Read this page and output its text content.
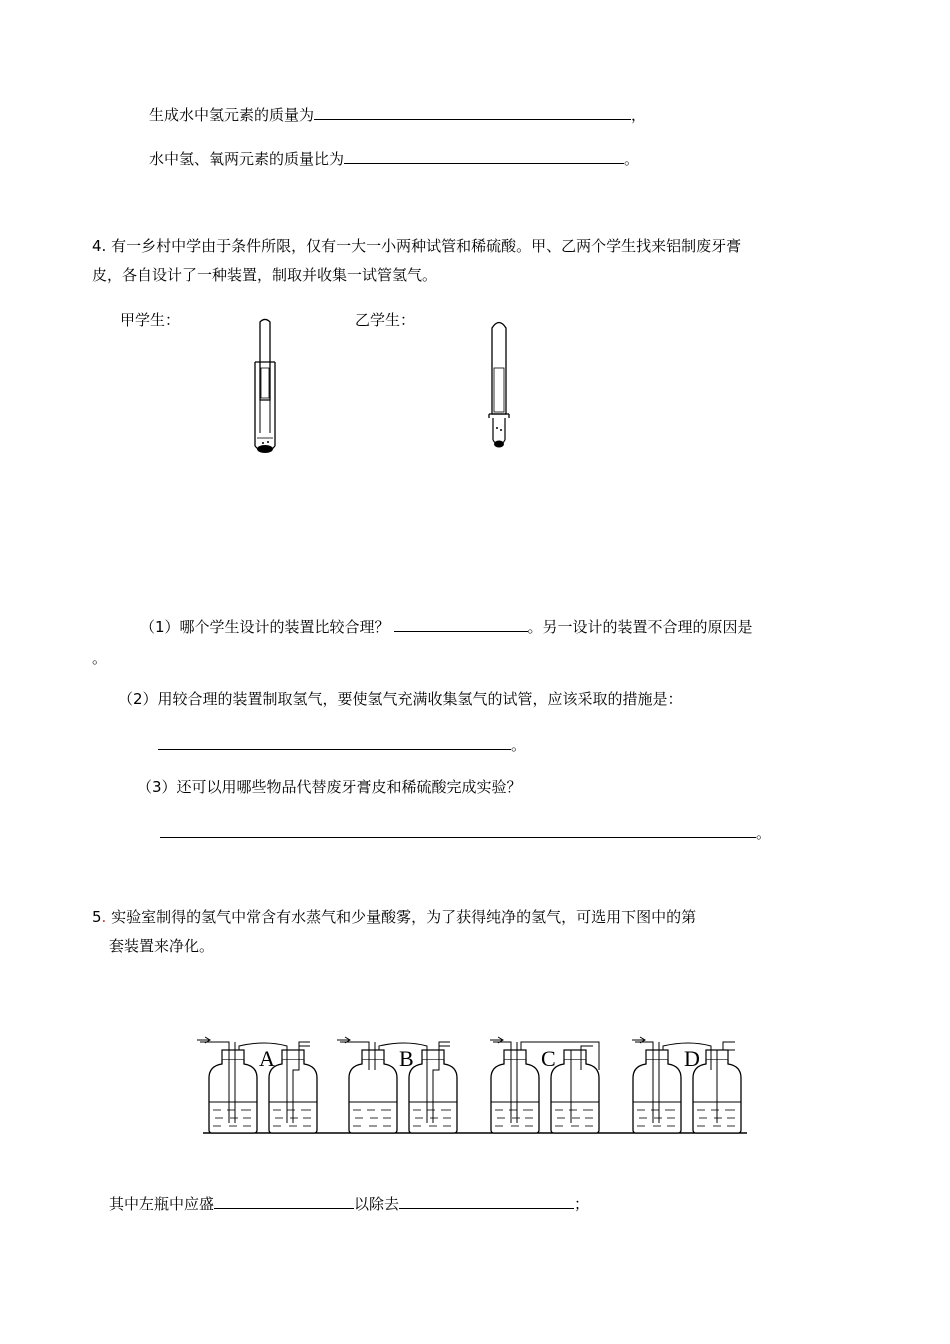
生成水中氢元素的质量为	，
水中氢、氧两元素的质量比为	。
4. 有一乡村中学由于条件所限，仅有一大一小两种试管和稀硫酸。甲、乙两个学生找来铝制废牙膏
皮，各自设计了一种装置，制取并收集一试管氢气。
甲学生：	乙学生：
（1）哪个学生设计的装置比较合理？	。另一设计的装置不合理的原因是
。
（2）用较合理的装置制取氢气，要使氢气充满收集氢气的试管，应该采取的措施是：
。
（3）还可以用哪些物品代替废牙膏皮和稀硫酸完成实验？
。
5. 实验室制得的氢气中常含有水蒸气和少量酸雾，为了获得纯净的氢气，可选用下图中的第
套装置来净化。
A	B	C	D
其中左瓶中应盛	以除去	；
